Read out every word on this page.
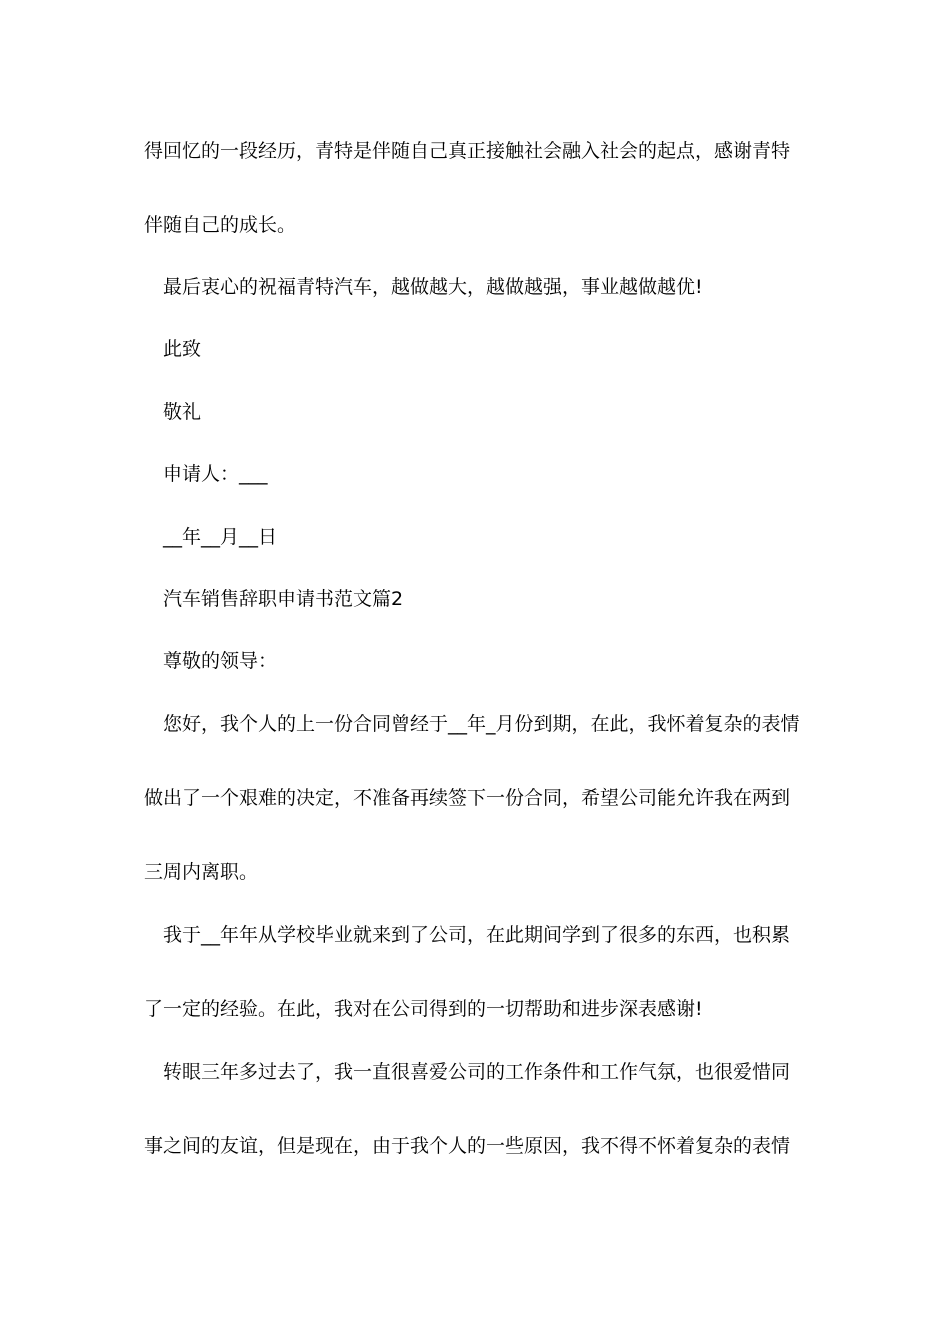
得回忆的一段经历，青特是伴随自己真正接触社会融入社会的起点，感谢青特
伴随自己的成长。
最后衷心的祝福青特汽车，越做越大，越做越强，事业越做越优!
此致
敬礼
申请人：___
__年__月__日
汽车销售辞职申请书范文篇2
尊敬的领导：
您好，我个人的上一份合同曾经于__年_月份到期，在此，我怀着复杂的表情
做出了一个艰难的决定，不准备再续签下一份合同，希望公司能允许我在两到
三周内离职。
我于__年年从学校毕业就来到了公司，在此期间学到了很多的东西，也积累
了一定的经验。在此，我对在公司得到的一切帮助和进步深表感谢!
转眼三年多过去了，我一直很喜爱公司的工作条件和工作气氛，也很爱惜同
事之间的友谊，但是现在，由于我个人的一些原因，我不得不怀着复杂的表情
